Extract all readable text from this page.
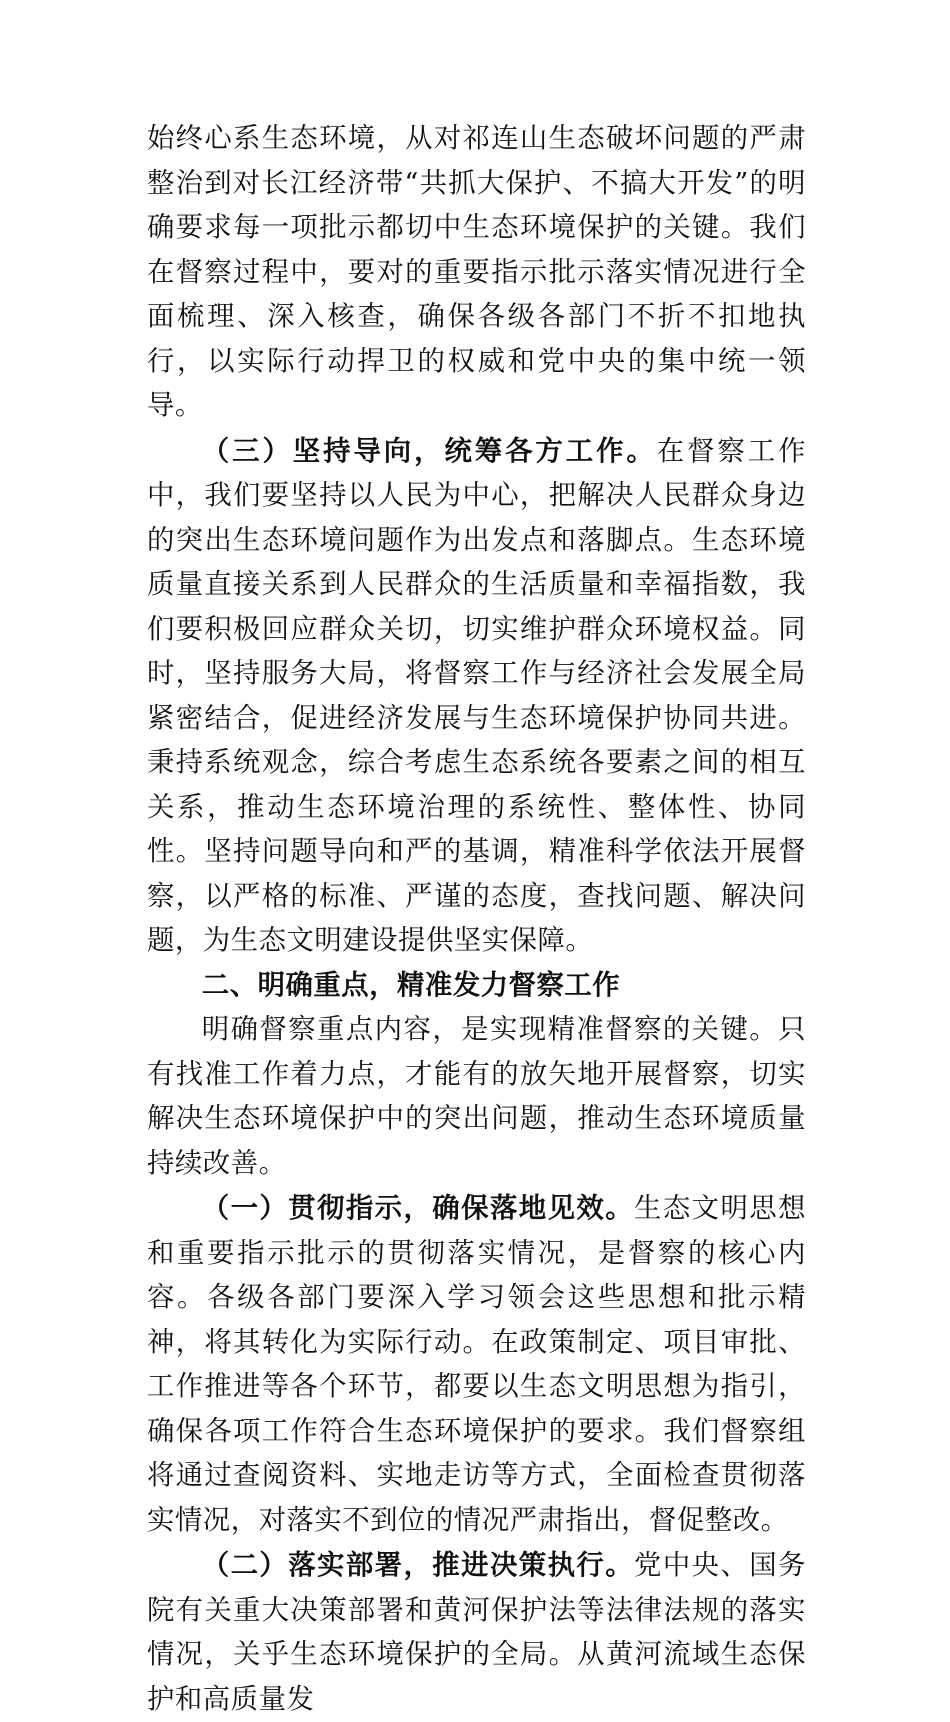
始终心系生态环境，从对祁连山生态破坏问题的严肃整治到对长江经济带“共抓大保护、不搞大开发”的明确要求每一项批示都切中生态环境保护的关键。我们在督察过程中，要对的重要指示批示落实情况进行全面梳理、深入核查，确保各级各部门不折不扣地执行，以实际行动捍卫的权威和党中央的集中统一领导。

（三）坚持导向，统筹各方工作。在督察工作中，我们要坚持以人民为中心，把解决人民群众身边的突出生态环境问题作为出发点和落脚点。生态环境质量直接关系到人民群众的生活质量和幸福指数，我们要积极回应群众关切，切实维护群众环境权益。同时，坚持服务大局，将督察工作与经济社会发展全局紧密结合，促进经济发展与生态环境保护协同共进。秉持系统观念，综合考虑生态系统各要素之间的相互关系，推动生态环境治理的系统性、整体性、协同性。坚持问题导向和严的基调，精准科学依法开展督察，以严格的标准、严谨的态度，查找问题、解决问题，为生态文明建设提供坚实保障。

二、明确重点，精准发力督察工作

明确督察重点内容，是实现精准督察的关键。只有找准工作着力点，才能有的放矢地开展督察，切实解决生态环境保护中的突出问题，推动生态环境质量持续改善。

（一）贯彻指示，确保落地见效。生态文明思想和重要指示批示的贯彻落实情况，是督察的核心内容。各级各部门要深入学习领会这些思想和批示精神，将其转化为实际行动。在政策制定、项目审批、工作推进等各个环节，都要以生态文明思想为指引，确保各项工作符合生态环境保护的要求。我们督察组将通过查阅资料、实地走访等方式，全面检查贯彻落实情况，对落实不到位的情况严肃指出，督促整改。

（二）落实部署，推进决策执行。党中央、国务院有关重大决策部署和黄河保护法等法律法规的落实情况，关乎生态环境保护的全局。从黄河流域生态保护和高质量发
